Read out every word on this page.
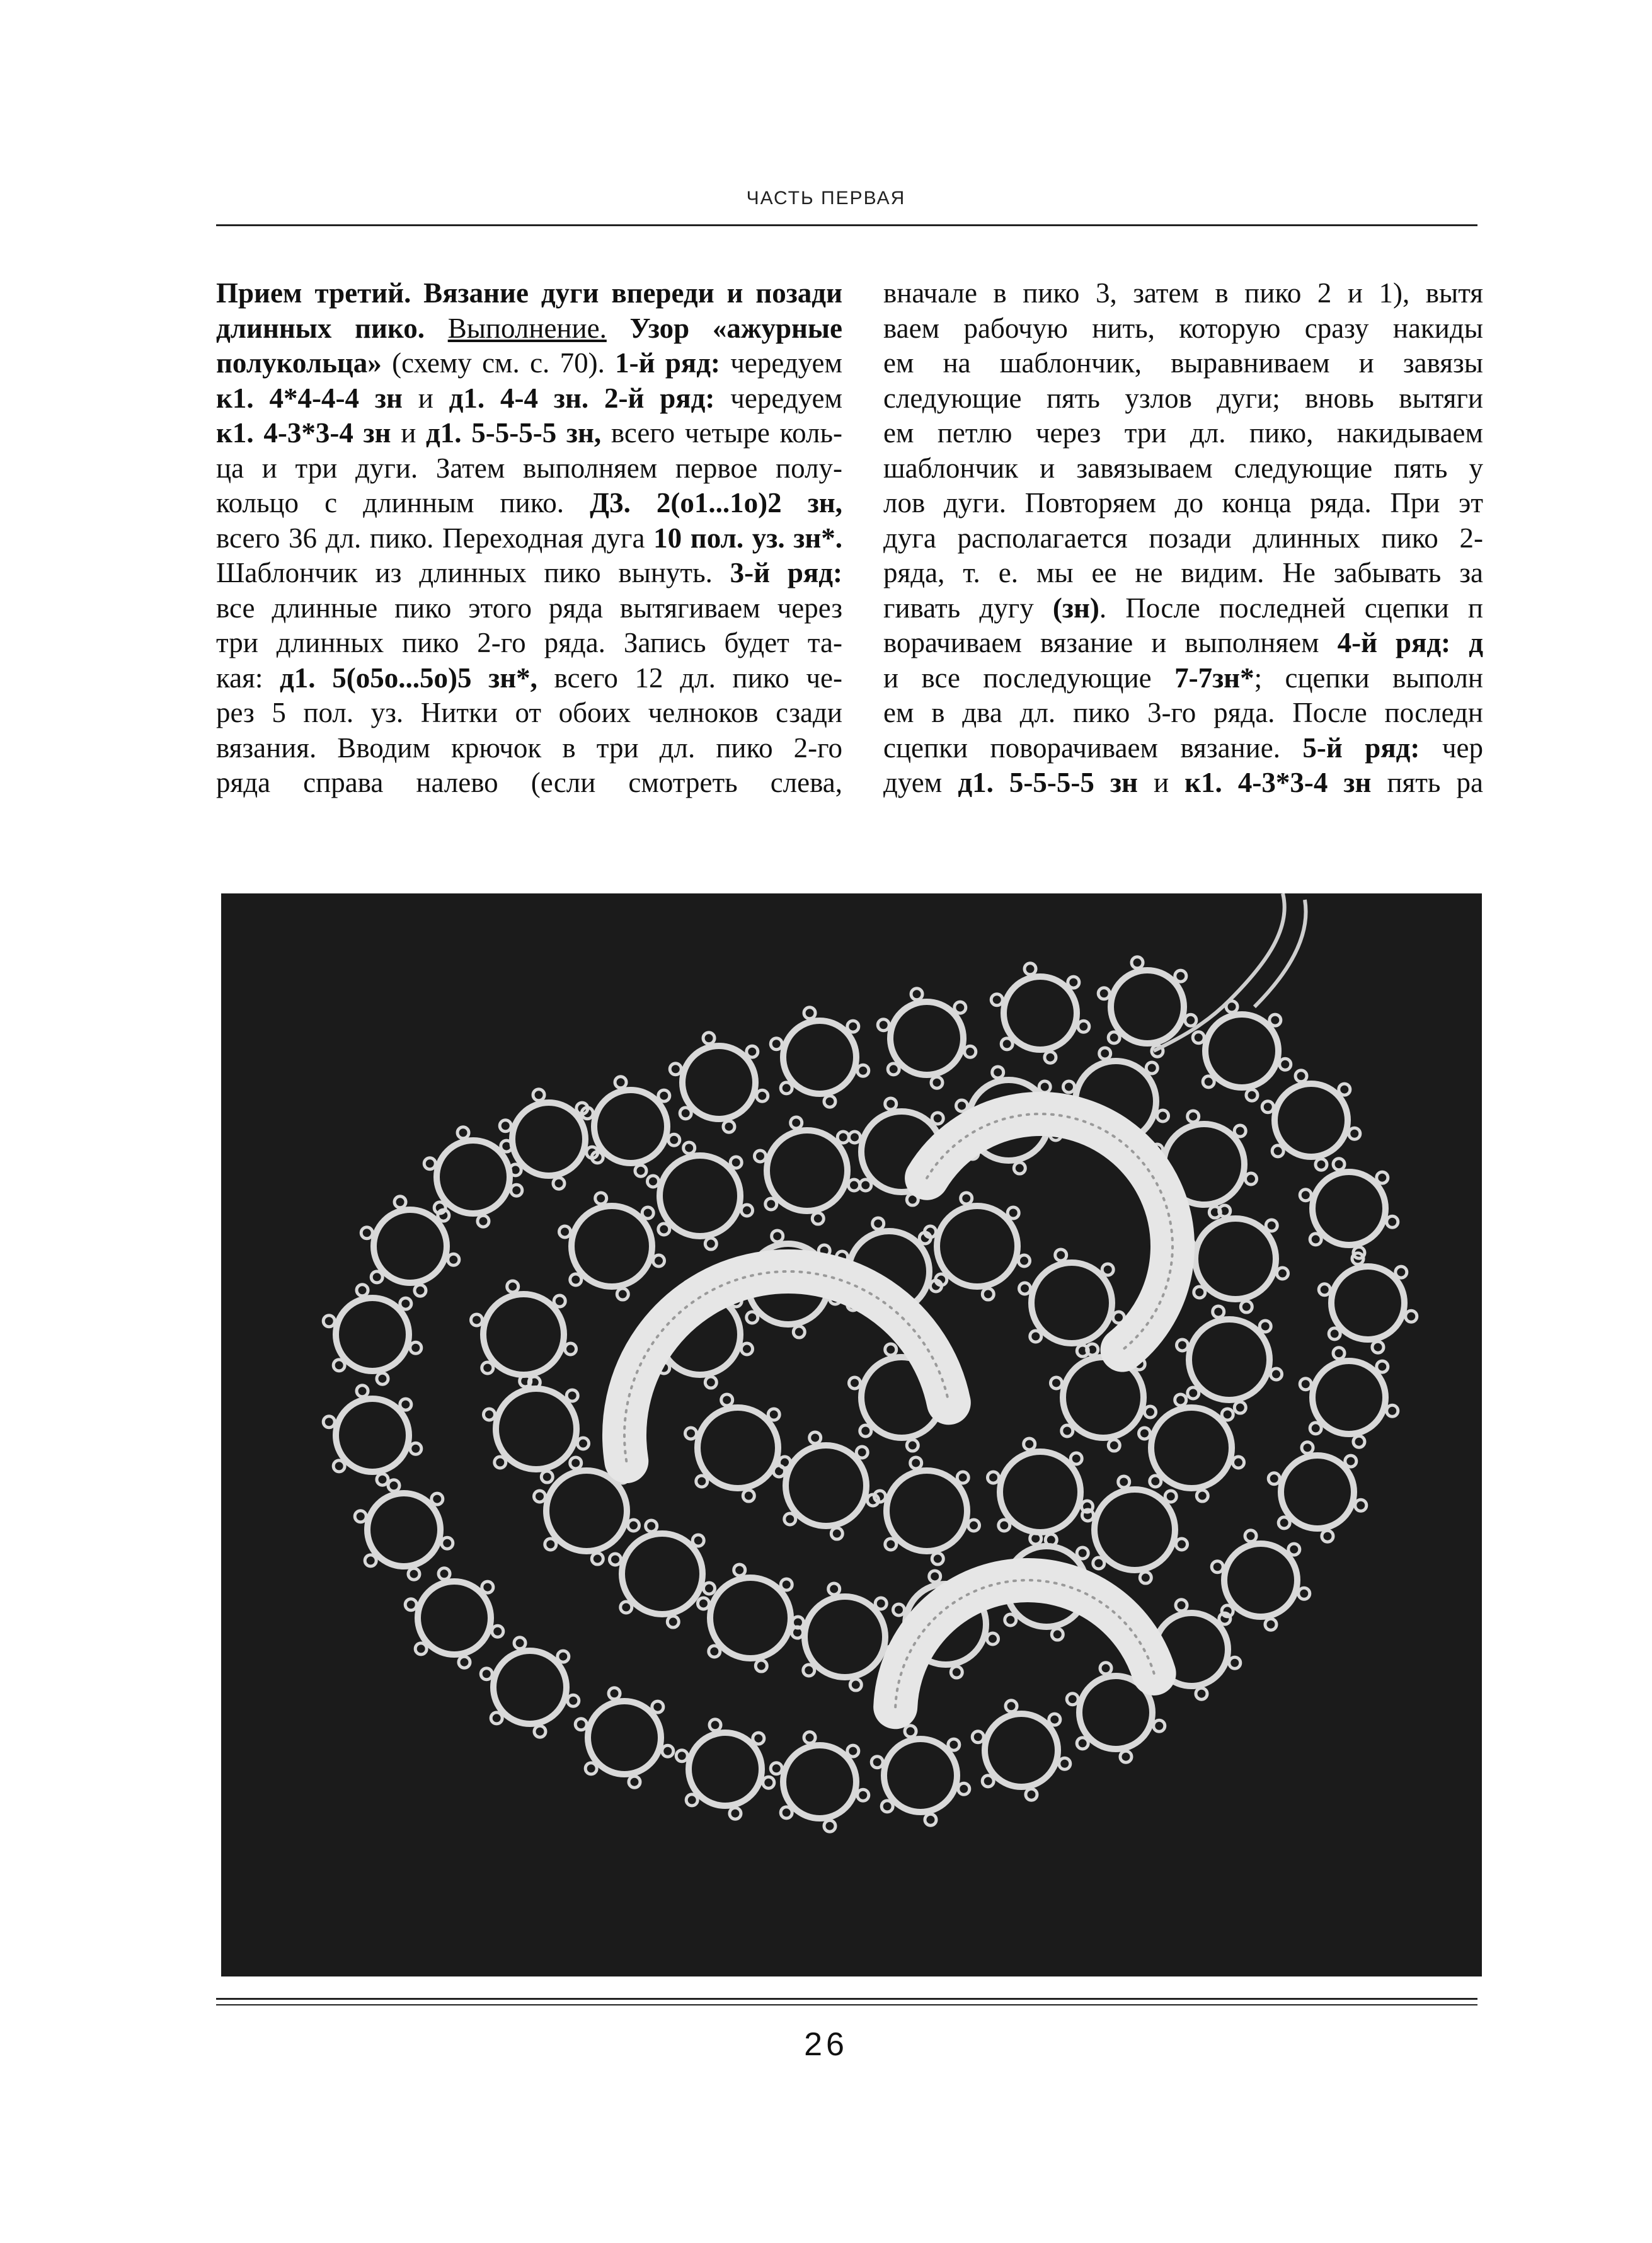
ЧАСТЬ ПЕРВАЯ
Прием третий. Вязание дуги впереди и позади
длинных пико. Выполнение. Узор «ажурные
полукольца» (схему см. с. 70). 1-й ряд: чередуем
к1. 4*4-4-4 зн и д1. 4-4 зн. 2-й ряд: чередуем
к1. 4-3*3-4 зн и д1. 5-5-5-5 зн, всего четыре коль-
ца и три дуги. Затем выполняем первое полу-
кольцо с длинным пико. Д3. 2(о1...1о)2 зн,
всего 36 дл. пико. Переходная дуга 10 пол. уз. зн*.
Шаблончик из длинных пико вынуть. 3-й ряд:
все длинные пико этого ряда вытягиваем через
три длинных пико 2-го ряда. Запись будет та-
кая: д1. 5(о5о...5о)5 зн*, всего 12 дл. пико че-
рез 5 пол. уз. Нитки от обоих челноков сзади
вязания. Вводим крючок в три дл. пико 2-го
ряда справа налево (если смотреть слева,
вначале в пико 3, затем в пико 2 и 1), вытя
ваем рабочую нить, которую сразу накиды
ем на шаблончик, выравниваем и завязы
следующие пять узлов дуги; вновь вытяги
ем петлю через три дл. пико, накидываем
шаблончик и завязываем следующие пять у
лов дуги. Повторяем до конца ряда. При эт
дуга располагается позади длинных пико 2-
ряда, т. е. мы ее не видим. Не забывать за
гивать дугу (зн). После последней сцепки п
ворачиваем вязание и выполняем 4-й ряд: д
и все последующие 7-7зн*; сцепки выполн
ем в два дл. пико 3-го ряда. После последн
сцепки поворачиваем вязание. 5-й ряд: чер
дуем д1. 5-5-5-5 зн и к1. 4-3*3-4 зн пять ра
26
